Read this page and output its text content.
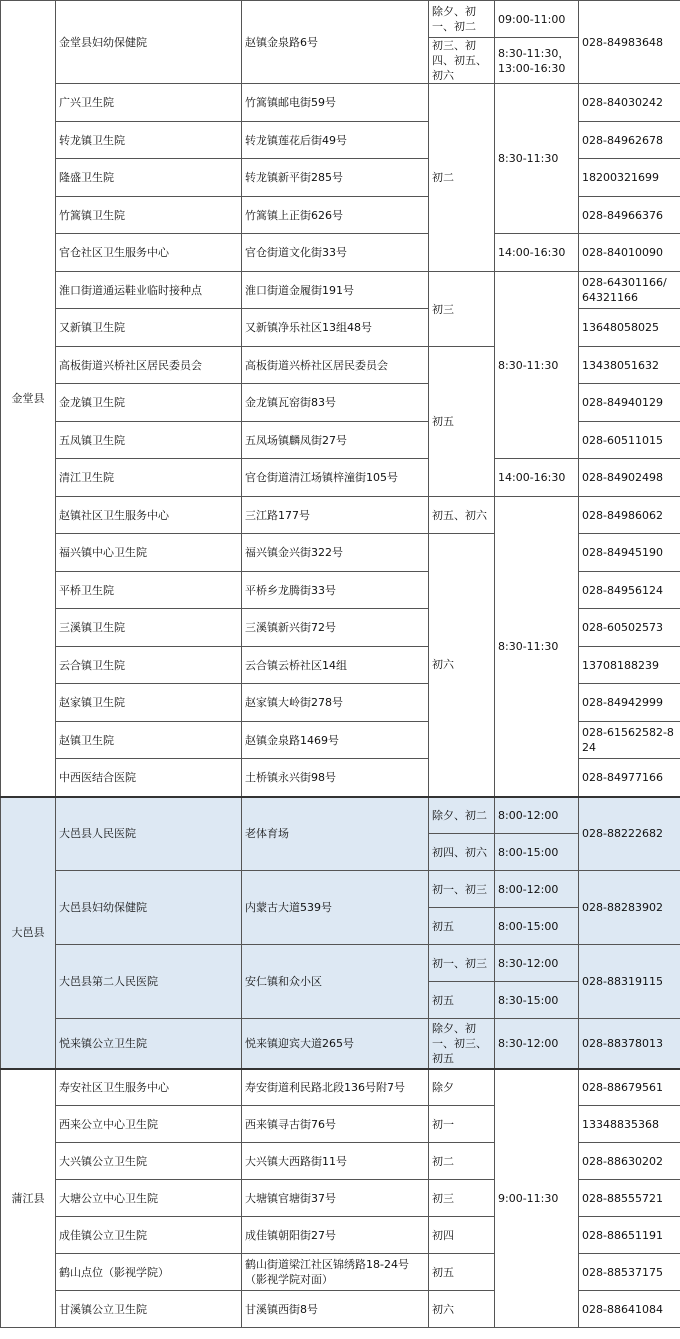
金堂县	金堂县妇幼保健院	赵镇金泉路6号	除夕、初一、初二	09:00-11:00	028-84983648
			初三、初四、初五、初六	8:30-11:30，13:00-16:30	
	广兴卫生院	竹篙镇邮电街59号	初二	8:30-11:30	028-84030242
	转龙镇卫生院	转龙镇莲花后街49号			028-84962678
	隆盛卫生院	转龙镇新平街285号			18200321699
	竹篙镇卫生院	竹篙镇上正街626号			028-84966376
	官仓社区卫生服务中心	官仓街道文化街33号		14:00-16:30	028-84010090
	淮口街道通运鞋业临时接种点	淮口街道金履街191号	初三	8:30-11:30	028-64301166/ 64321166
	又新镇卫生院	又新镇净乐社区13组48号			13648058025
	高板街道兴桥社区居民委员会	高板街道兴桥社区居民委员会	初五		13438051632
	金龙镇卫生院	金龙镇瓦窑街83号			028-84940129
	五凤镇卫生院	五凤场镇麟凤街27号			028-60511015
	清江卫生院	官仓街道清江场镇梓潼街105号		14:00-16:30	028-84902498
	赵镇社区卫生服务中心	三江路177号	初五、初六	8:30-11:30	028-84986062
	福兴镇中心卫生院	福兴镇金兴街322号	初六		028-84945190
	平桥卫生院	平桥乡龙腾街33号			028-84956124
	三溪镇卫生院	三溪镇新兴街72号			028-60502573
	云合镇卫生院	云合镇云桥社区14组			13708188239
	赵家镇卫生院	赵家镇大岭街278号			028-84942999
	赵镇卫生院	赵镇金泉路1469号			028-61562582-824
	中西医结合医院	土桥镇永兴街98号			028-84977166
大邑县	大邑县人民医院	老体育场	除夕、初二	8:00-12:00	028-88222682
			初四、初六	8:00-15:00	
	大邑县妇幼保健院	内蒙古大道539号	初一、初三	8:00-12:00	028-88283902
			初五	8:00-15:00	
	大邑县第二人民医院	安仁镇和众小区	初一、初三	8:30-12:00	028-88319115
			初五	8:30-15:00	
	悦来镇公立卫生院	悦来镇迎宾大道265号	除夕、初一、初三、初五	8:30-12:00	028-88378013
蒲江县	寿安社区卫生服务中心	寿安街道利民路北段136号附7号	除夕	9:00-11:30	028-88679561
	西来公立中心卫生院	西来镇寻古街76号	初一		13348835368
	大兴镇公立卫生院	大兴镇大西路街11号	初二		028-88630202
	大塘公立中心卫生院	大塘镇官塘街37号	初三		028-88555721
	成佳镇公立卫生院	成佳镇朝阳街27号	初四		028-88651191
	鹤山点位（影视学院）	鹤山街道梁江社区锦绣路18-24号（影视学院对面）	初五		028-88537175
	甘溪镇公立卫生院	甘溪镇西街8号	初六		028-88641084
